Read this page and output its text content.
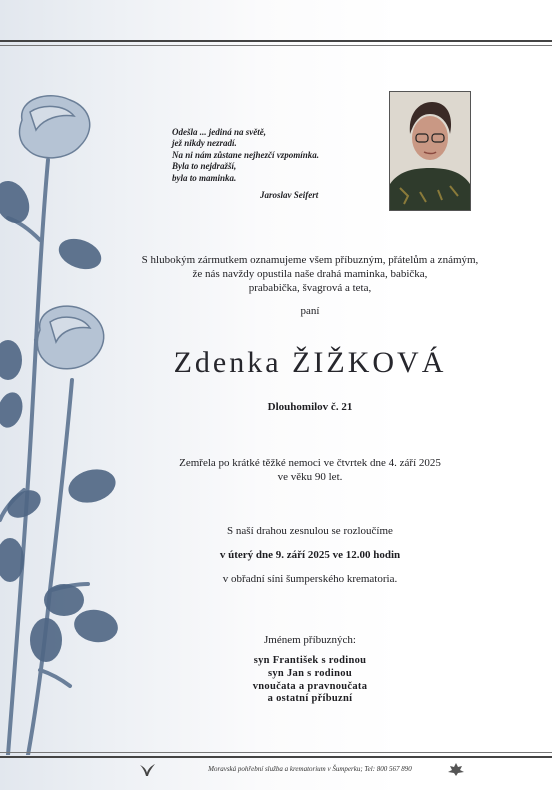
Odešla ... jediná na světě,
jež nikdy nezradí.
Na ni nám zůstane nejhezčí vzpomínka.
Byla to nejdražší,
byla to maminka.
Jaroslav Seifert
S hlubokým zármutkem oznamujeme všem příbuzným, přátelům a známým,
že nás navždy opustila naše drahá maminka, babička,
prababička, švagrová a teta,
paní
Zdenka ŽIŽKOVÁ
Dlouhomilov č. 21
Zemřela po krátké těžké nemoci ve čtvrtek dne 4. září 2025
ve věku 90 let.
S naší drahou zesnulou se rozloučíme
v úterý dne 9. září 2025 ve 12.00 hodin
v obřadní síni šumperského krematoria.
Jménem příbuzných:
syn František s rodinou
syn Jan s rodinou
vnoučata a pravnoučata
a ostatní příbuzní
Moravská pohřební služba a krematorium v Šumperku; Tel: 800 567 890
